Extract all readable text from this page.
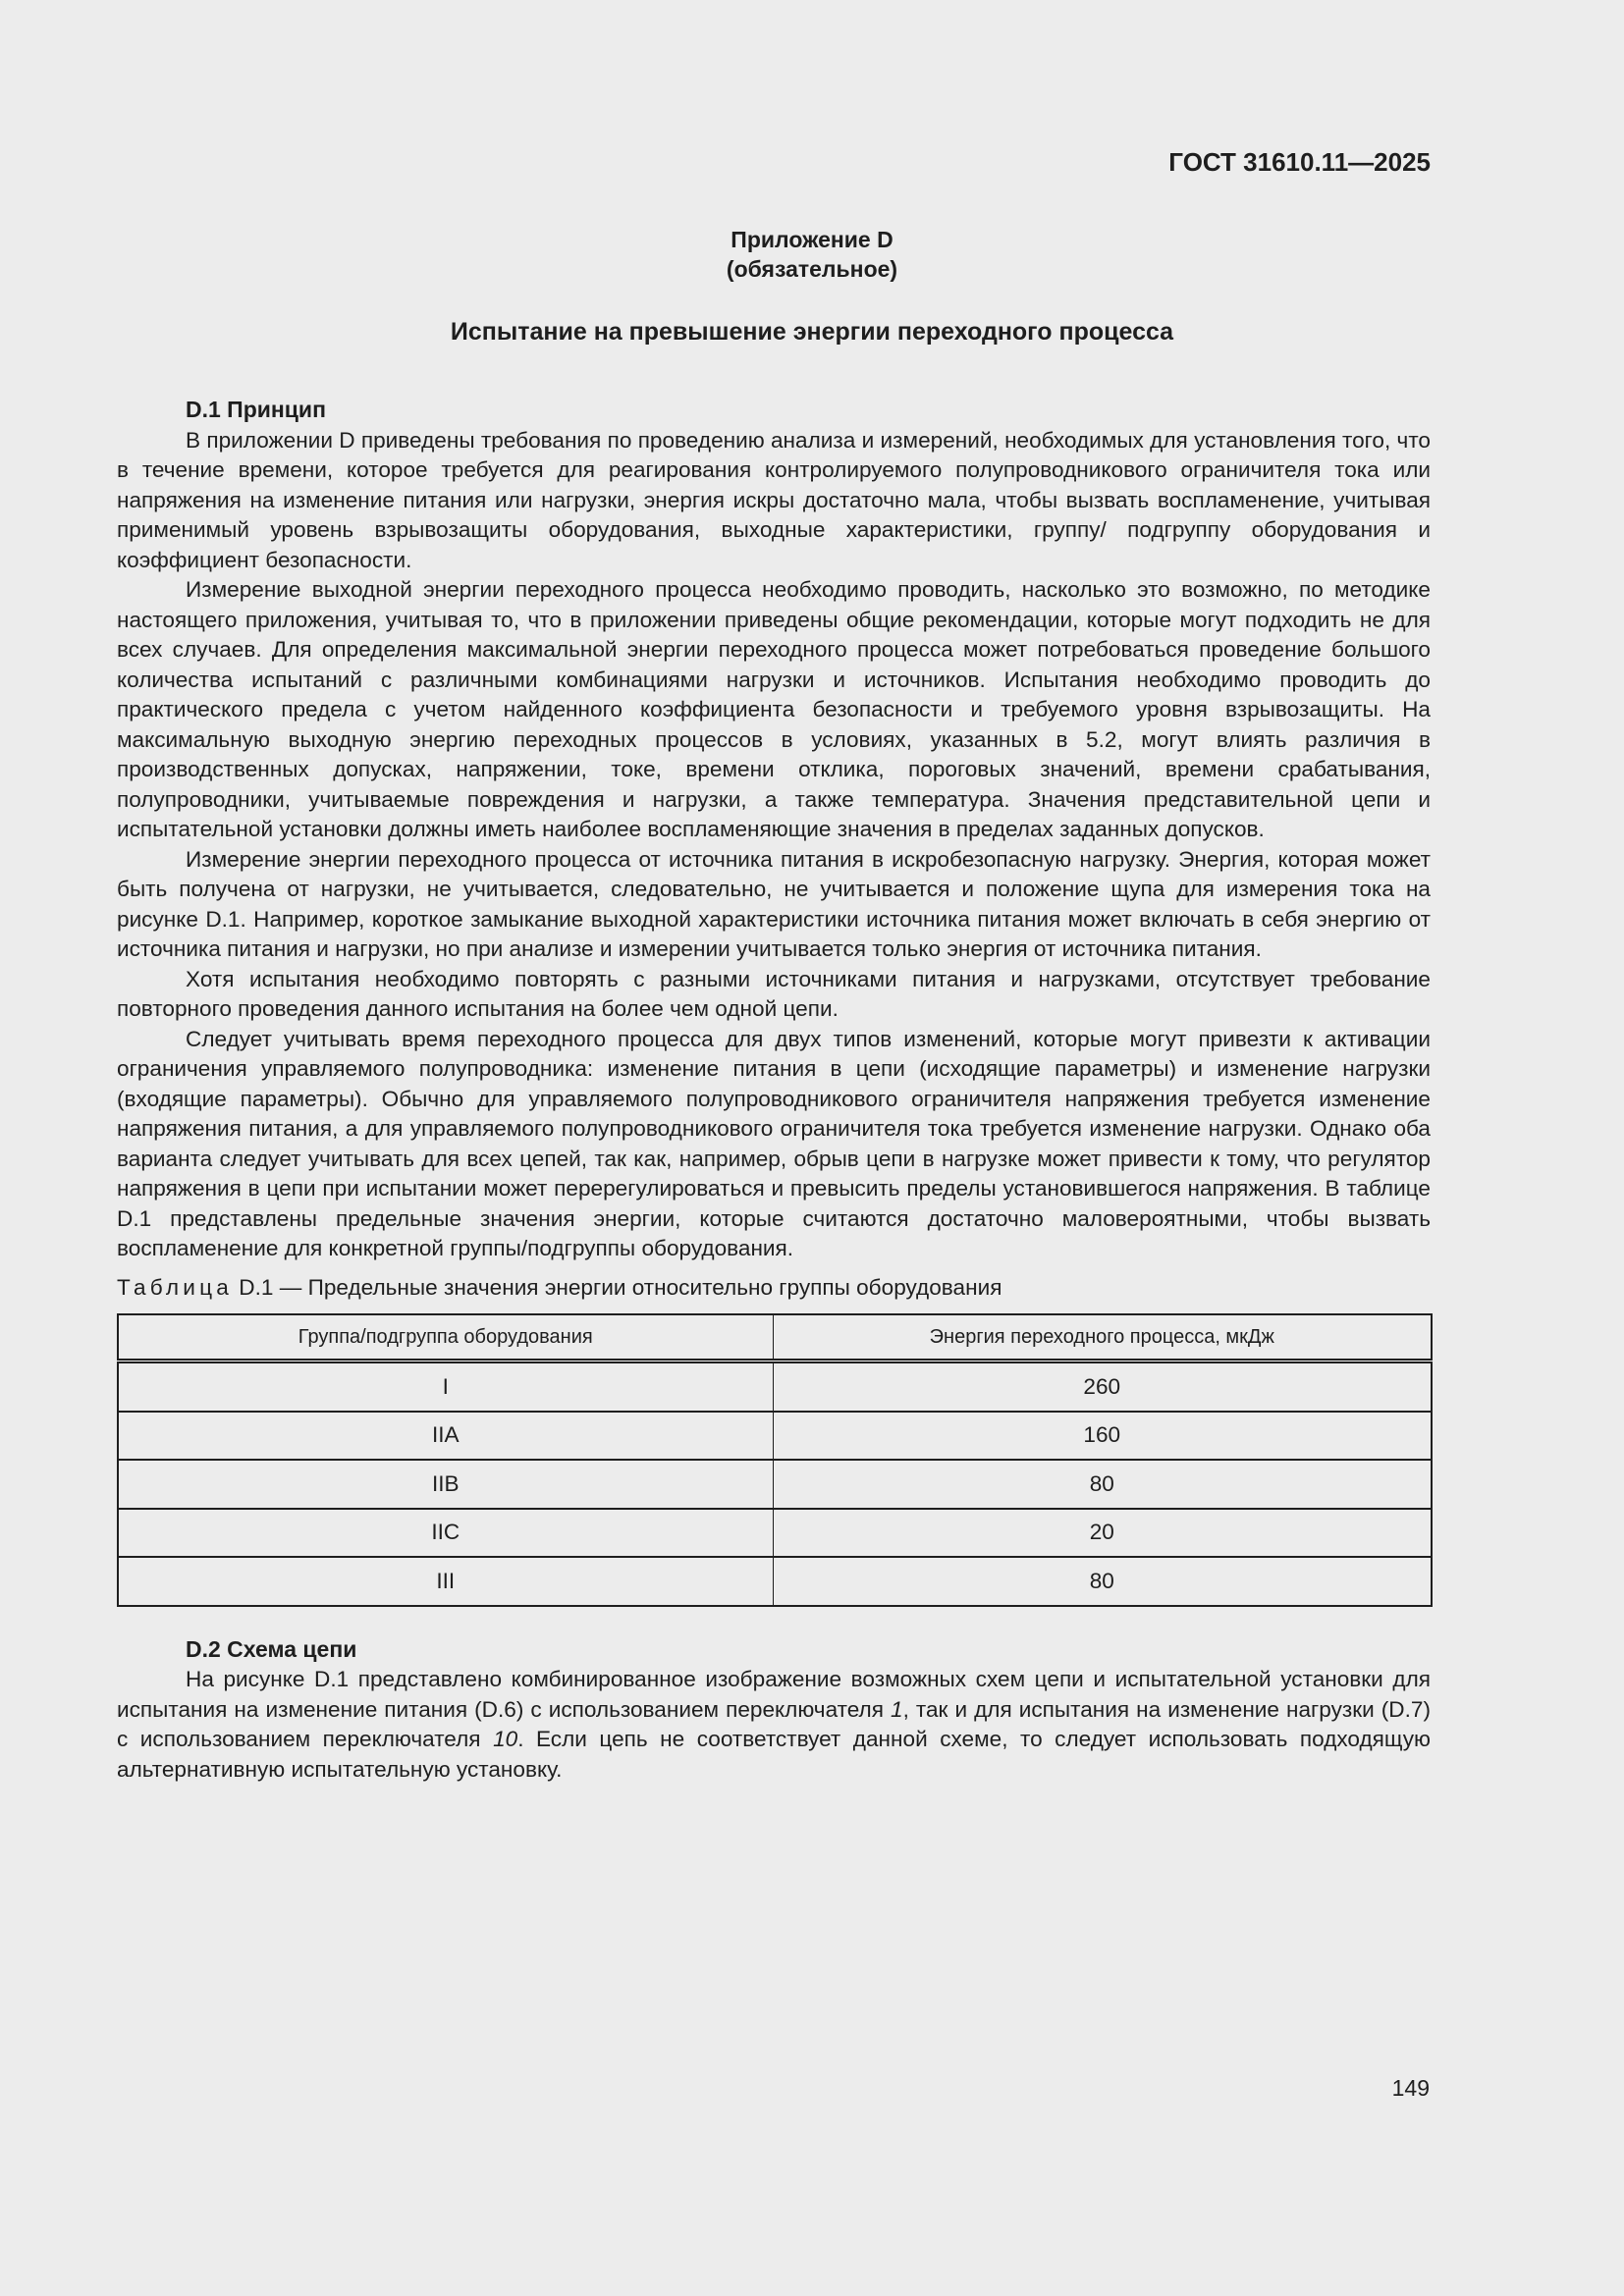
ГОСТ 31610.11—2025
Приложение D
(обязательное)
Испытание на превышение энергии переходного процесса
D.1 Принцип

В приложении D приведены требования по проведению анализа и измерений, необходимых для установления того, что в течение времени, которое требуется для реагирования контролируемого полупроводникового ограничителя тока или напряжения на изменение питания или нагрузки, энергия искры достаточно мала, чтобы вызвать воспламенение, учитывая применимый уровень взрывозащиты оборудования, выходные характеристики, группу/ подгруппу оборудования и коэффициент безопасности.

Измерение выходной энергии переходного процесса необходимо проводить, насколько это возможно, по методике настоящего приложения, учитывая то, что в приложении приведены общие рекомендации, которые могут подходить не для всех случаев. Для определения максимальной энергии переходного процесса может потребоваться проведение большого количества испытаний с различными комбинациями нагрузки и источников. Испытания необходимо проводить до практического предела с учетом найденного коэффициента безопасности и требуемого уровня взрывозащиты. На максимальную выходную энергию переходных процессов в условиях, указанных в 5.2, могут влиять различия в производственных допусках, напряжении, токе, времени отклика, пороговых значений, времени срабатывания, полупроводники, учитываемые повреждения и нагрузки, а также температура. Значения представительной цепи и испытательной установки должны иметь наиболее воспламеняющие значения в пределах заданных допусков.

Измерение энергии переходного процесса от источника питания в искробезопасную нагрузку. Энергия, которая может быть получена от нагрузки, не учитывается, следовательно, не учитывается и положение щупа для измерения тока на рисунке D.1. Например, короткое замыкание выходной характеристики источника питания может включать в себя энергию от источника питания и нагрузки, но при анализе и измерении учитывается только энергия от источника питания.

Хотя испытания необходимо повторять с разными источниками питания и нагрузками, отсутствует требование повторного проведения данного испытания на более чем одной цепи.

Следует учитывать время переходного процесса для двух типов изменений, которые могут привезти к активации ограничения управляемого полупроводника: изменение питания в цепи (исходящие параметры) и изменение нагрузки (входящие параметры). Обычно для управляемого полупроводникового ограничителя напряжения требуется изменение напряжения питания, а для управляемого полупроводникового ограничителя тока требуется изменение нагрузки. Однако оба варианта следует учитывать для всех цепей, так как, например, обрыв цепи в нагрузке может привести к тому, что регулятор напряжения в цепи при испытании может перерегулироваться и превысить пределы установившегося напряжения. В таблице D.1 представлены предельные значения энергии, которые считаются достаточно маловероятными, чтобы вызвать воспламенение для конкретной группы/подгруппы оборудования.

Таблица D.1 — Предельные значения энергии относительно группы оборудования
Группа/подгруппа оборудования	Энергия переходного процесса, мкДж
I	260
IIA	160
IIB	80
IIC	20
III	80
D.2 Схема цепи

На рисунке D.1 представлено комбинированное изображение возможных схем цепи и испытательной установки для испытания на изменение питания (D.6) с использованием переключателя 1, так и для испытания на изменение нагрузки (D.7) с использованием переключателя 10. Если цепь не соответствует данной схеме, то следует использовать подходящую альтернативную испытательную установку.

149
